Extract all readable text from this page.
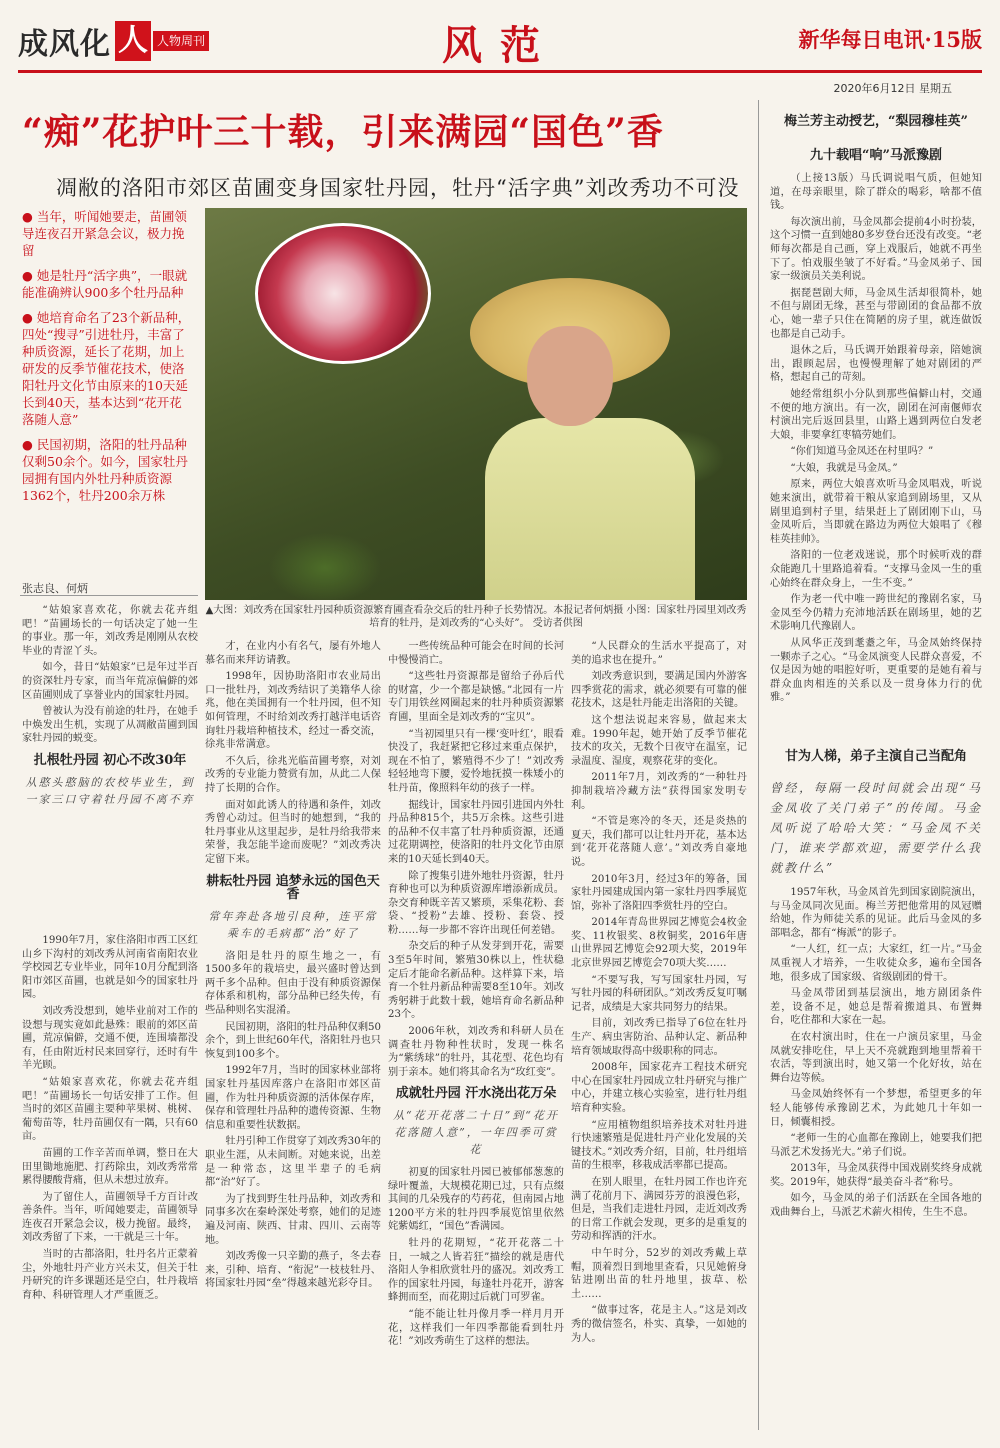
成风化 人 人物周刊	风范	新华每日电讯·15版
2020年6月12日 星期五
“痴”花护叶三十载，引来满园“国色”香
凋敝的洛阳市郊区苗圃变身国家牡丹园，牡丹“活字典”刘改秀功不可没
● 当年，听闻她要走，苗圃领导连夜召开紧急会议，极力挽留
● 她是牡丹“活字典”，一眼就能准确辨认900多个牡丹品种
● 她培育命名了23个新品种，四处“搜寻”引进牡丹，丰富了种质资源，延长了花期，加上研发的反季节催花技术，使洛阳牡丹文化节由原来的10天延长到40天，基本达到“花开花落随人意”
● 民国初期，洛阳的牡丹品种仅剩50余个。如今，国家牡丹园拥有国内外牡丹种质资源1362个，牡丹200余万株
张志良、何炳
▲大图：刘改秀在国家牡丹园种质资源繁育圃查看杂交后的牡丹种子长势情况。本报记者何炳摄 小图：国家牡丹园里刘改秀培育的牡丹，是刘改秀的“心头好”。 受访者供图

“姑娘家喜欢花，你就去花卉组吧！”苗圃场长的一句话决定了她一生的事业。那一年，刘改秀是刚刚从农校毕业的青涩丫头。

如今，昔日“姑娘家”已是年过半百的资深牡丹专家，而当年荒凉偏僻的郊区苗圃则成了享誉业内的国家牡丹园。

曾被认为没有前途的牡丹，在她手中焕发出生机，实现了从凋敝苗圃到国家牡丹园的蜕变。

扎根牡丹园 初心不改30年
从憨头憨脑的农校毕业生，到一家三口守着牡丹园不离不弃

1990年7月，家住洛阳市西工区红山乡下沟村的刘改秀从河南省南阳农业学校园艺专业毕业，同年10月分配到洛阳市郊区苗圃，也就是如今的国家牡丹园。

刘改秀没想到，她毕业前对工作的设想与现实竟如此悬殊：眼前的郊区苗圃，荒凉偏僻，交通不便，连围墙都没有，任由附近村民来回穿行，还时有牛羊光顾。

“姑娘家喜欢花，你就去花卉组吧！”苗圃场长一句话安排了工作。但当时的郊区苗圃主要种苹果树、桃树、葡萄苗等，牡丹苗圃仅有一隅，只有60亩。

苗圃的工作辛苦而单调，整日在大田里锄地施肥、打药除虫，刘改秀常常累得腰酸背痛，但从未想过放弃。

为了留住人，苗圃领导千方百计改善条件。当年，听闻她要走，苗圃领导连夜召开紧急会议，极力挽留。最终，刘改秀留了下来，一干就是三十年。

当时的古都洛阳，牡丹名片正蒙着尘，外地牡丹产业方兴未艾，但关于牡丹研究的许多课题还是空白，牡丹栽培育种、科研管理人才严重匮乏。

才，在业内小有名气，屡有外地人慕名而来拜访请教。

1998年，因协助洛阳市农业局出口一批牡丹，刘改秀结识了美籍华人徐兆，他在美国拥有一个牡丹园，但不知如何管理，不时给刘改秀打越洋电话咨询牡丹栽培种植技术，经过一番交流，徐兆非常满意。

不久后，徐兆光临苗圃考察，对刘改秀的专业能力赞赏有加，从此二人保持了长期的合作。

面对如此诱人的待遇和条件，刘改秀曾心动过。但当时的她想到，“我的牡丹事业从这里起步，是牡丹给我带来荣誉，我怎能半途而废呢？”刘改秀决定留下来。

耕耘牡丹园 追梦永远的国色天香
常年奔赴各地引良种，连平常乘车的毛病都“治”好了

洛阳是牡丹的原生地之一，有1500多年的栽培史，最兴盛时曾达到两千多个品种。但由于没有种质资源保存体系和机构，部分品种已经失传，有些品种则名实混淆。

民国初期，洛阳的牡丹品种仅剩50余个，到上世纪60年代，洛阳牡丹也只恢复到100多个。

1992年7月，当时的国家林业部将国家牡丹基因库落户在洛阳市郊区苗圃，作为牡丹种质资源的活体保存库，保存和管理牡丹品种的遗传资源、生物信息和重要性状数据。

牡丹引种工作贯穿了刘改秀30年的职业生涯，从未间断。对她来说，出差是一种常态，这里半辈子的毛病都“治”好了。

为了找到野生牡丹品种，刘改秀和同事多次在秦岭深处考察，她们的足迹遍及河南、陕西、甘肃、四川、云南等地。

刘改秀像一只辛勤的燕子，冬去春来，引种、培育、“衔泥”一枝枝牡丹、将国家牡丹园“垒”得越来越光彩夺目。

一些传统品种可能会在时间的长河中慢慢消亡。

“这些牡丹资源都是留给子孙后代的财富，少一个都是缺憾。”北园有一片专门用铁丝网圈起来的牡丹种质资源繁育圃，里面全是刘改秀的“宝贝”。

“当初园里只有一棵‘变叶红’，眼看快没了，我赶紧把它移过来重点保护，现在不怕了，繁殖得不少了！”刘改秀轻轻地弯下腰，爱怜地抚摸一株矮小的牡丹苗，像照料年幼的孩子一样。

掘线计，国家牡丹园引进国内外牡丹品种815个，共5万余株。这些引进的品种不仅丰富了牡丹种质资源，还通过花期调控，使洛阳的牡丹文化节由原来的10天延长到40天。

除了搜集引进外地牡丹资源，牡丹育种也可以为种质资源库增添新成员。杂交育种既辛苦又繁琐，采集花粉、套袋、“授粉”去雄、授粉、套袋、授粉……每一步都不容许出现任何差错。

杂交后的种子从发芽到开花，需要3至5年时间，繁殖30株以上，性状稳定后才能命名新品种。这样算下来，培育一个牡丹新品种需要8至10年。刘改秀躬耕于此数十载，她培育命名新品种23个。

2006年秋，刘改秀和科研人员在调查牡丹物种性状时，发现一株名为“紫绣球”的牡丹，其花型、花色均有别于亲本。她们将其命名为“玫红变”。

成就牡丹园 汗水浇出花万朵
从“花开花落二十日”到“花开花落随人意”，一年四季可赏花

初夏的国家牡丹园已被郁郁葱葱的绿叶覆盖，大规模花期已过，只有点缀其间的几朵残存的芍药花，但南园占地1200平方米的牡丹四季展览馆里依然姹紫嫣红，“国色”香满园。

牡丹的花期短，“花开花落二十日，一城之人皆若狂”描绘的就是唐代洛阳人争相欣赏牡丹的盛况。刘改秀工作的国家牡丹园，每逢牡丹花开，游客蜂拥而至，而花期过后就门可罗雀。

“能不能让牡丹像月季一样月月开花，这样我们一年四季都能看到牡丹花！”刘改秀萌生了这样的想法。

“人民群众的生活水平提高了，对美的追求也在提升。”

刘改秀意识到，要满足国内外游客四季赏花的需求，就必须要有可靠的催花技术，这是牡丹能走出洛阳的关键。

这个想法说起来容易，做起来太难。1990年起，她开始了反季节催花技术的攻关，无数个日夜守在温室，记录温度、湿度，观察花芽的变化。

2011年7月，刘改秀的“一种牡丹抑制栽培冷藏方法”获得国家发明专利。

“不管是寒冷的冬天，还是炎热的夏天，我们都可以让牡丹开花，基本达到‘花开花落随人意’。”刘改秀自豪地说。

2010年3月，经过3年的筹备，国家牡丹园建成国内第一家牡丹四季展览馆，弥补了洛阳四季赏牡丹的空白。

2014年青岛世界园艺博览会4枚金奖、11枚银奖、8枚铜奖，2016年唐山世界园艺博览会92项大奖，2019年北京世界园艺博览会70项大奖……

“不要写我，写写国家牡丹园，写写牡丹园的科研团队。”刘改秀反复叮嘱记者，成绩是大家共同努力的结果。

目前，刘改秀已指导了6位在牡丹生产、病虫害防治、品种认定、新品种培育领域取得高中级职称的同志。

2008年，国家花卉工程技术研究中心在国家牡丹园成立牡丹研究与推广中心，并建立核心实验室，进行牡丹组培育种实验。

“应用植物组织培养技术对牡丹进行快速繁殖是促进牡丹产业化发展的关键技术。”刘改秀介绍，目前，牡丹组培苗的生根率，移栽成活率都已提高。

在别人眼里，在牡丹园工作也许充满了花前月下、满园芬芳的浪漫色彩，但是，当我们走进牡丹园，走近刘改秀的日常工作就会发现，更多的是重复的劳动和挥洒的汗水。

中午时分，52岁的刘改秀戴上草帽，顶着烈日到地里查看，只见她俯身钻进刚出苗的牡丹地里，拔草、松土……

“做事过客，花是主人。”这是刘改秀的微信签名，朴实、真挚，一如她的为人。

梅兰芳主动授艺，“梨园穆桂英”
九十载唱“响”马派豫剧

（上接13版）马氏调说唱气质，但她知道，在母亲眼里，除了群众的喝彩，啥都不值钱。

每次演出前，马金凤都会提前4小时扮装，这个习惯一直到她80多岁登台还没有改变。“老师每次都是自己画，穿上戏服后，她就不再坐下了。怕戏服坐皱了不好看。”马金凤弟子、国家一级演员关美利说。

据琵琶剧大师，马金凤生活却很简朴，她不但与剧团无缘，甚至与带剧团的食品都不放心，她一辈子只住在简陋的房子里，就连做饭也都是自己动手。

退休之后，马氏调开始跟着母亲，陪她演出，跟顾起居，也慢慢理解了她对剧团的严格，想起自己的苛刻。

她经常组织小分队到那些偏僻山村，交通不便的地方演出。有一次，剧团在河南偃师农村演出完后返回县里，山路上遇到两位白发老大娘，非要拿红枣犒劳她们。

“你们知道马金凤还在村里吗？”

“大娘，我就是马金凤。”

原来，两位大娘喜欢听马金凤唱戏，听说她来演出，就带着干粮从家追到剧场里，又从剧里追到村子里，结果赶上了剧团刚下山，马金凤听后，当即就在路边为两位大娘唱了《穆桂英挂帅》。

洛阳的一位老戏迷说，那个时候听戏的群众能跑几十里路追着看。“支撑马金凤一生的重心始终在群众身上，一生不变。”

作为老一代中唯一跨世纪的豫剧名家，马金凤至今仍精力充沛地活跃在剧场里，她的艺术影响几代豫剧人。

从风华正茂到耄耋之年，马金凤始终保持一颗赤子之心。“马金凤演变人民群众喜爱，不仅是因为她的唱腔好听，更重要的是她有着与群众血肉相连的关系以及一贯身体力行的优雅。”

甘为人梯，弟子主演自己当配角
曾经，每隔一段时间就会出现“马金凤收了关门弟子”的传闻。马金凤听说了哈哈大笑：“马金凤不关门，谁来学都欢迎，需要学什么我就教什么”

1957年秋，马金凤首先到国家剧院演出，与马金凤同次见面。梅兰芳把他常用的凤冠赠给她，作为师徒关系的见证。此后马金凤的多部唱念，都有“梅派”的影子。

“一人红，红一点；大家红，红一片。”马金凤重视人才培养，一生收徒众多，遍布全国各地，很多成了国家级、省级剧团的骨干。

马金凤带团到基层演出，地方剧团条件差，设备不足，她总是帮着搬道具、布置舞台，吃住都和大家在一起。

在农村演出时，住在一户演员家里，马金凤就安排吃住，早上天不亮就跑到地里帮着干农活，等到演出时，她又第一个化好妆，站在舞台边等候。

马金凤始终怀有一个梦想，希望更多的年轻人能够传承豫剧艺术，为此她几十年如一日，倾囊相授。

“老师一生的心血都在豫剧上，她要我们把马派艺术发扬光大。”弟子们说。

2013年，马金凤获得中国戏剧奖终身成就奖。2019年，她获得“最美奋斗者”称号。

如今，马金凤的弟子们活跃在全国各地的戏曲舞台上，马派艺术薪火相传，生生不息。
